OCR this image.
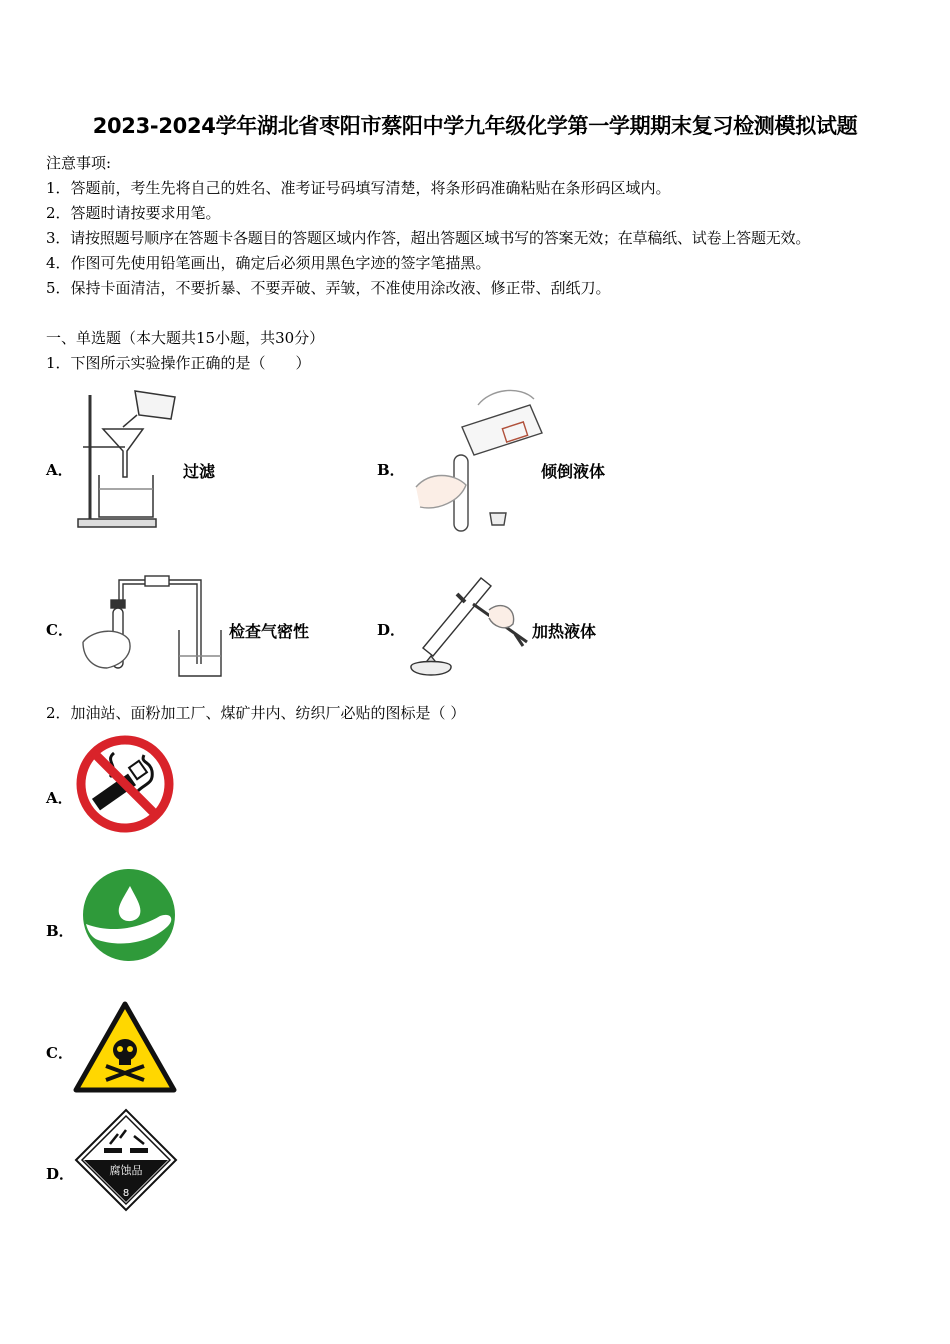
2023-2024学年湖北省枣阳市蔡阳中学九年级化学第一学期期末复习检测模拟试题
注意事项:
1．答题前，考生先将自己的姓名、准考证号码填写清楚，将条形码准确粘贴在条形码区域内。
2．答题时请按要求用笔。
3．请按照题号顺序在答题卡各题目的答题区域内作答，超出答题区域书写的答案无效；在草稿纸、试卷上答题无效。
4．作图可先使用铅笔画出，确定后必须用黑色字迹的签字笔描黑。
5．保持卡面清洁，不要折暴、不要弄破、弄皱，不准使用涂改液、修正带、刮纸刀。
一、单选题（本大题共15小题，共30分）
1．下图所示实验操作正确的是（　　）
A．	过滤	B．	倾倒液体
C．	检查气密性	D．	加热液体
2．加油站、面粉加工厂、煤矿井内、纺织厂必贴的图标是（ ）
A．
B．
C．
D．	腐蚀品
8
